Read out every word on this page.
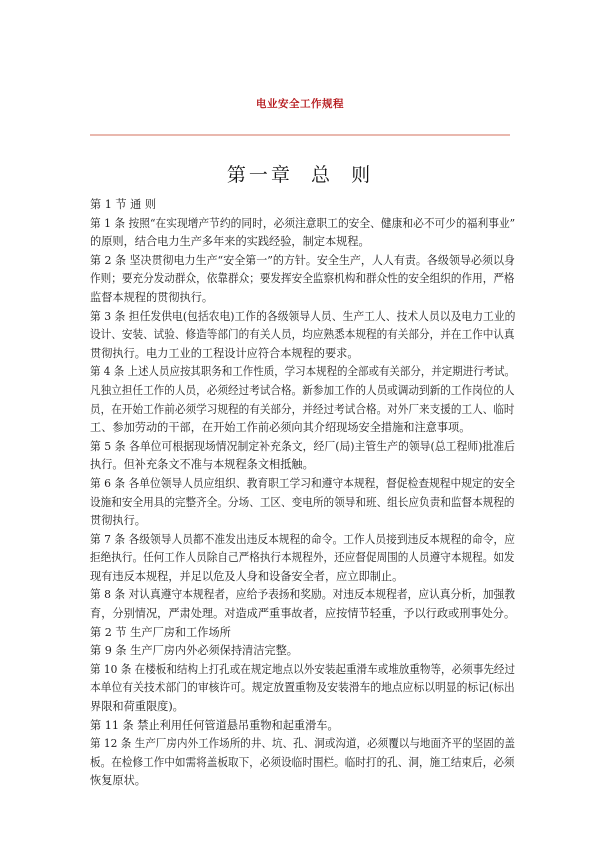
电业安全工作规程
第一章  总  则
第 1 节 通 则
第 1 条 按照“在实现增产节约的同时，必须注意职工的安全、健康和必不可少的福利事业”
的原则，结合电力生产多年来的实践经验，制定本规程。
第 2 条 坚决贯彻电力生产“安全第一”的方针。安全生产，人人有责。各级领导必须以身
作则；要充分发动群众，依靠群众；要发挥安全监察机构和群众性的安全组织的作用，严格
监督本规程的贯彻执行。
第 3 条 担任发供电(包括农电)工作的各级领导人员、生产工人、技术人员以及电力工业的
设计、安装、试验、修造等部门的有关人员，均应熟悉本规程的有关部分，并在工作中认真
贯彻执行。电力工业的工程设计应符合本规程的要求。
第 4 条 上述人员应按其职务和工作性质，学习本规程的全部或有关部分，并定期进行考试。
凡独立担任工作的人员，必须经过考试合格。新参加工作的人员或调动到新的工作岗位的人
员，在开始工作前必须学习规程的有关部分，并经过考试合格。对外厂来支援的工人、临时
工、参加劳动的干部，在开始工作前必须向其介绍现场安全措施和注意事项。
第 5 条 各单位可根据现场情况制定补充条文，经厂(局)主管生产的领导(总工程师)批准后
执行。但补充条文不准与本规程条文相抵触。
第 6 条 各单位领导人员应组织、教育职工学习和遵守本规程，督促检查规程中规定的安全
设施和安全用具的完整齐全。分场、工区、变电所的领导和班、组长应负责和监督本规程的
贯彻执行。
第 7 条 各级领导人员都不准发出违反本规程的命令。工作人员接到违反本规程的命令，应
拒绝执行。任何工作人员除自己严格执行本规程外，还应督促周围的人员遵守本规程。如发
现有违反本规程，并足以危及人身和设备安全者，应立即制止。
第 8 条 对认真遵守本规程者，应给予表扬和奖励。对违反本规程者，应认真分析，加强教
育，分别情况，严肃处理。对造成严重事故者，应按情节轻重，予以行政或刑事处分。
第 2 节 生产厂房和工作场所
第 9 条 生产厂房内外必须保持清洁完整。
第 10 条 在楼板和结构上打孔或在规定地点以外安装起重滑车或堆放重物等，必须事先经过
本单位有关技术部门的审核许可。规定放置重物及安装滑车的地点应标以明显的标记(标出
界限和荷重限度)。
第 11 条 禁止利用任何管道悬吊重物和起重滑车。
第 12 条 生产厂房内外工作场所的井、坑、孔、洞或沟道，必须覆以与地面齐平的坚固的盖
板。在检修工作中如需将盖板取下，必须设临时围栏。临时打的孔、洞，施工结束后，必须
恢复原状。
